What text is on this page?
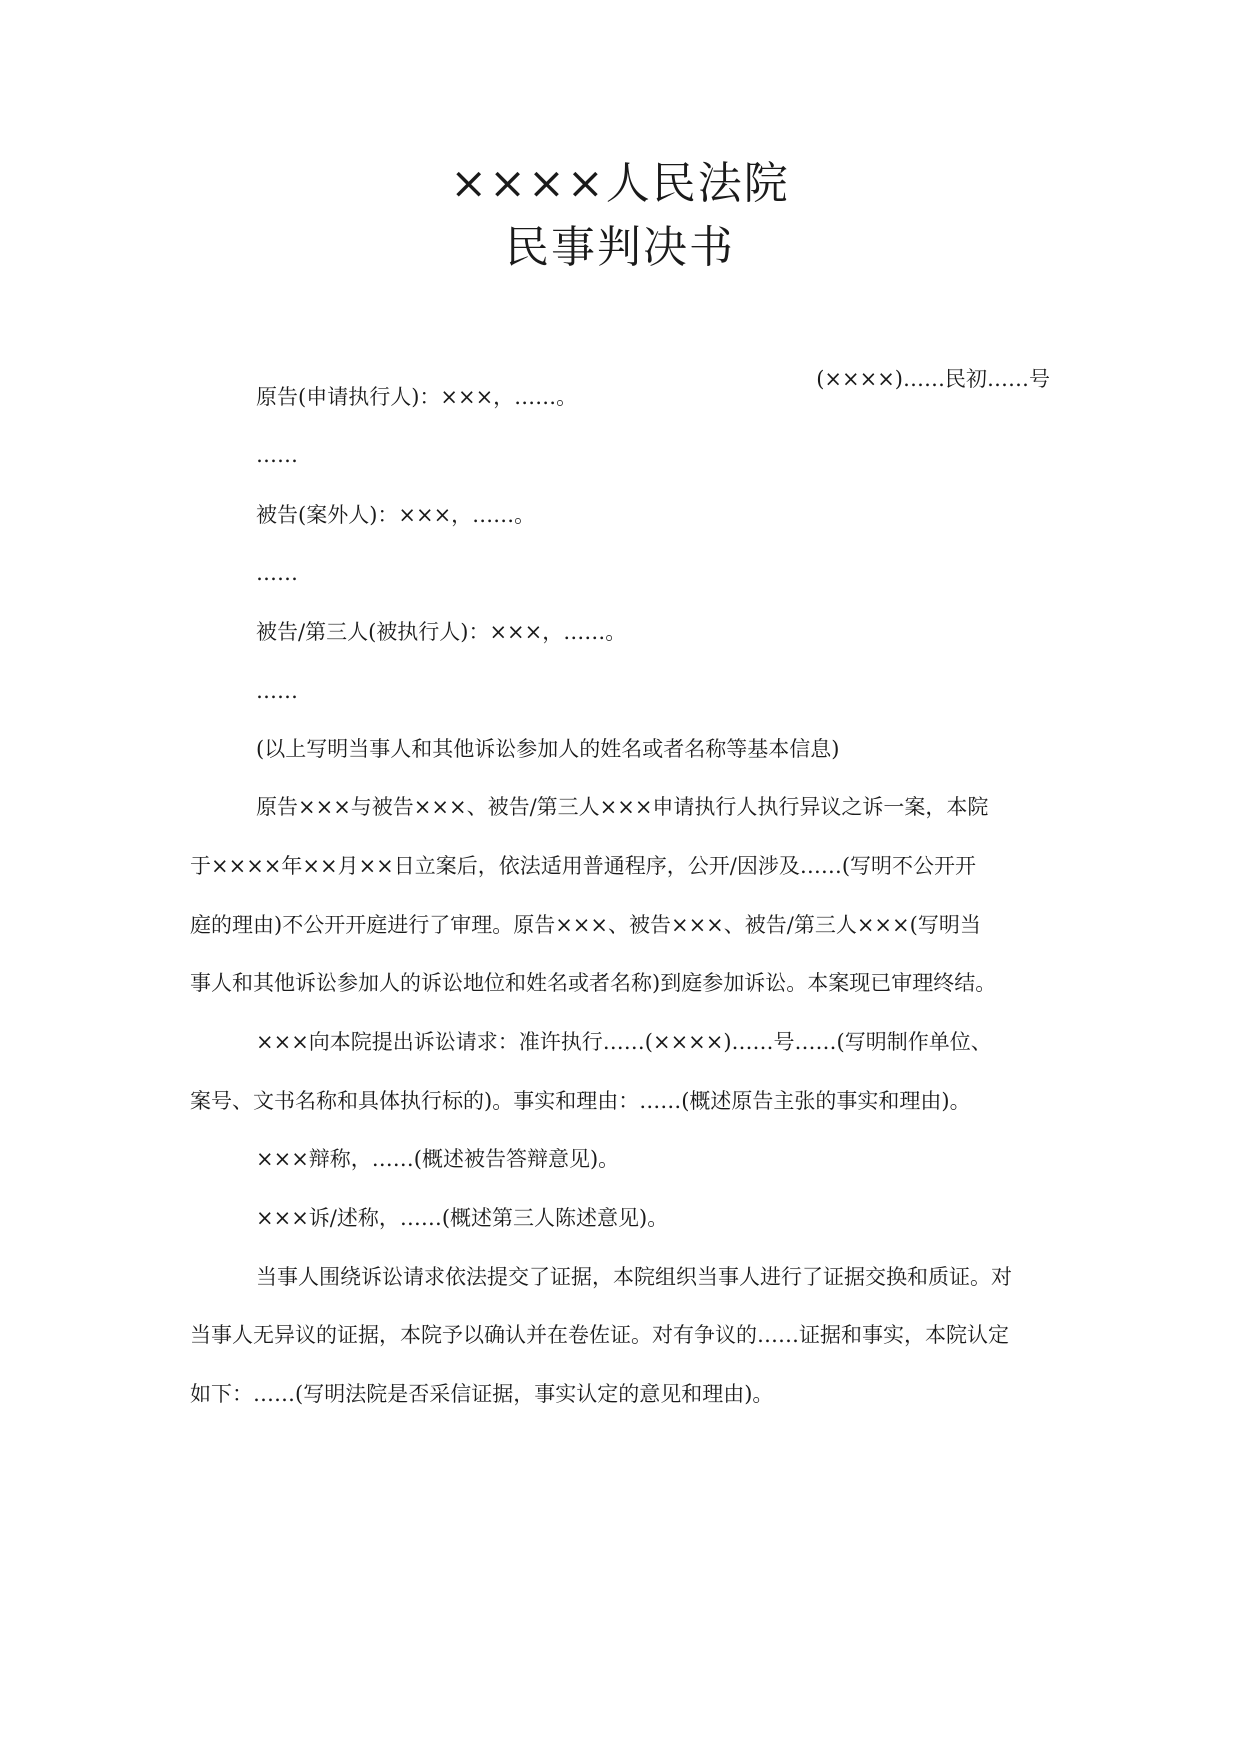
××××人民法院
民事判决书
(××××)……民初……号
原告(申请执行人)：×××，……。
……
被告(案外人)：×××，……。
……
被告/第三人(被执行人)：×××，……。
……
(以上写明当事人和其他诉讼参加人的姓名或者名称等基本信息)
原告×××与被告×××、被告/第三人×××申请执行人执行异议之诉一案，本院
于××××年××月××日立案后，依法适用普通程序，公开/因涉及……(写明不公开开
庭的理由)不公开开庭进行了审理。原告×××、被告×××、被告/第三人×××(写明当
事人和其他诉讼参加人的诉讼地位和姓名或者名称)到庭参加诉讼。本案现已审理终结。
×××向本院提出诉讼请求：准许执行……(××××)……号……(写明制作单位、
案号、文书名称和具体执行标的)。事实和理由：……(概述原告主张的事实和理由)。
×××辩称，……(概述被告答辩意见)。
×××诉/述称，……(概述第三人陈述意见)。
当事人围绕诉讼请求依法提交了证据，本院组织当事人进行了证据交换和质证。对
当事人无异议的证据，本院予以确认并在卷佐证。对有争议的……证据和事实，本院认定
如下：……(写明法院是否采信证据，事实认定的意见和理由)。
